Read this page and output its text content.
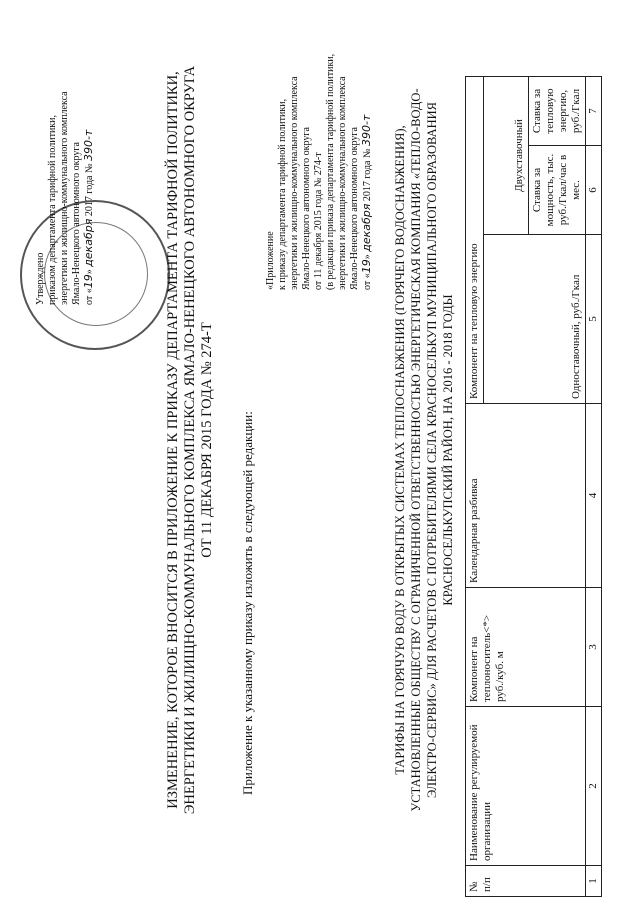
Утверждено приказом департамента тарифной политики, энергетики и жилищно-коммунального комплекса Ямало-Ненецкого автономного округа от «19» декабря 2017 года № 390-т	ИЗМЕНЕНИЕ, КОТОРОЕ ВНОСИТСЯ В ПРИЛОЖЕНИЕ К ПРИКАЗУ ДЕПАРТАМЕНТА ТАРИФНОЙ ПОЛИТИКИ, ЭНЕРГЕТИКИ И ЖИЛИЩНО-КОММУНАЛЬНОГО КОМПЛЕКСА ЯМАЛО-НЕНЕЦКОГО АВТОНОМНОГО ОКРУГА ОТ 11 ДЕКАБРЯ 2015 ГОДА № 274-Т Приложение к указанному приказу изложить в следующей редакции:
«Приложение к приказу департамента тарифной политики, энергетики и жилищно-коммунального комплекса Ямало-Ненецкого автономного округа от 11 декабря 2015 года № 274-т (в редакции приказа департамента тарифной политики, энергетики и жилищно-коммунального комплекса Ямало-Ненецкого автономного округа от «19» декабря 2017 года № 390-т ТАРИФЫ НА ГОРЯЧУЮ ВОДУ В ОТКРЫТЫХ СИСТЕМАХ ТЕПЛОСНАБЖЕНИЯ (ГОРЯЧЕГО ВОДОСНАБЖЕНИЯ), УСТАНОВЛЕННЫЕ ОБЩЕСТВУ С ОГРАНИЧЕННОЙ ОТВЕТСТВЕННОСТЬЮ ЭНЕРГЕТИЧЕСКАЯ КОМПАНИЯ «ТЕПЛО-ВОДО- ЭЛЕКТРО-СЕРВИС» ДЛЯ РАСЧЕТОВ С ПОТРЕБИТЕЛЯМИ СЕЛА КРАСНОСЕЛЬКУП МУНИЦИПАЛЬНОГО ОБРАЗОВАНИЯ КРАСНОСЕЛЬКУПСКИЙ РАЙОН, НА 2016 - 2018 ГОДЫ
№ п/п	Наименование регулируемой организации	Компонент на теплоноситель<*> руб./куб. м	Календарная разбивка	Компонент на тепловую энергию		
				Одноставочный, руб./Гкал	Двухставочный	
					Ставка за мощность, тыс. руб./Гкал/час в мес.	Ставка за тепловую энергию, руб./Гкал
1	2	3	4	5	6	7
